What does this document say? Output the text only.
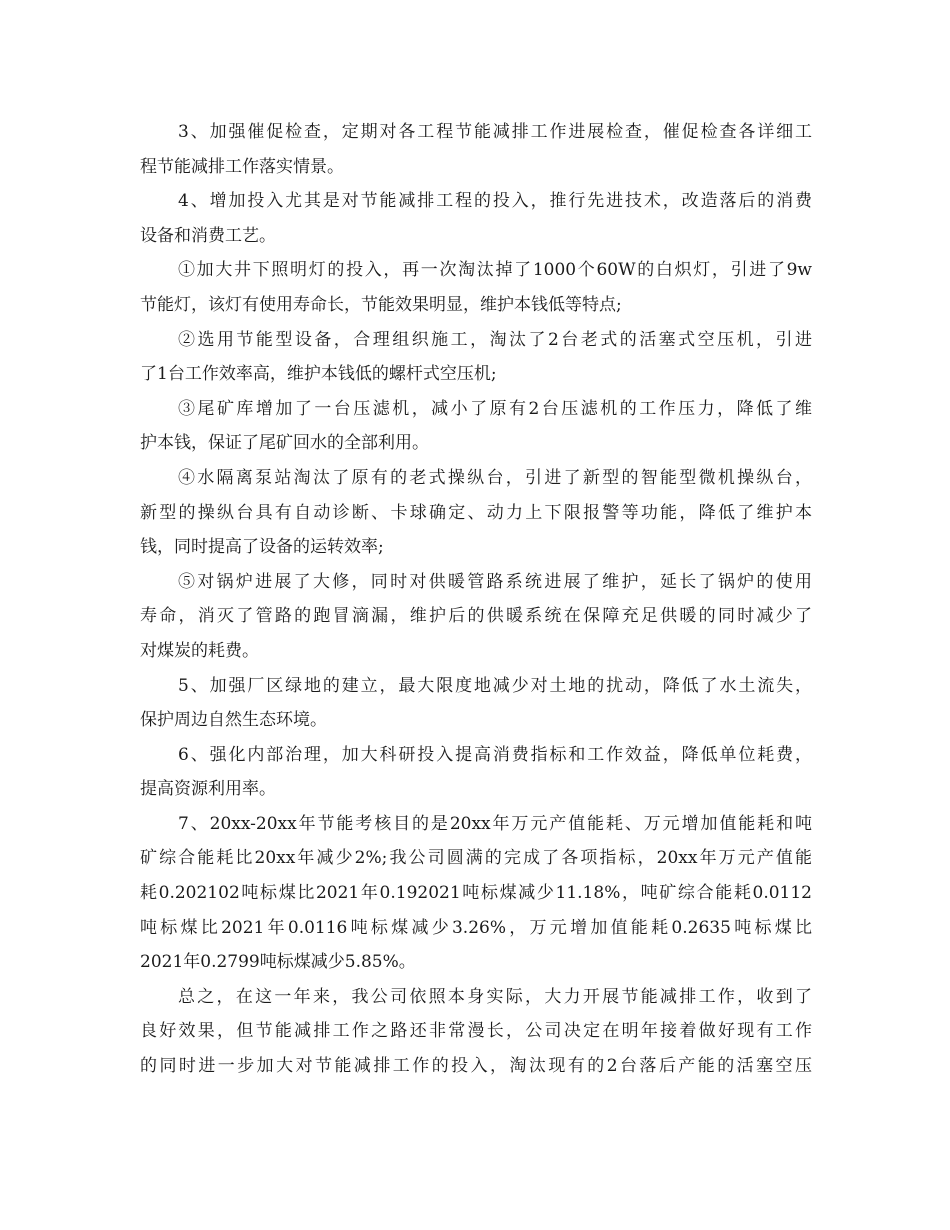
3、加强催促检查，定期对各工程节能减排工作进展检查，催促检查各详细工
程节能减排工作落实情景。
4、增加投入尤其是对节能减排工程的投入，推行先进技术，改造落后的消费
设备和消费工艺。
①加大井下照明灯的投入，再一次淘汰掉了1000个60W的白炽灯，引进了9w
节能灯，该灯有使用寿命长，节能效果明显，维护本钱低等特点;
②选用节能型设备，合理组织施工，淘汰了2台老式的活塞式空压机，引进
了1台工作效率高，维护本钱低的螺杆式空压机;
③尾矿库增加了一台压滤机，减小了原有2台压滤机的工作压力，降低了维
护本钱，保证了尾矿回水的全部利用。
④水隔离泵站淘汰了原有的老式操纵台，引进了新型的智能型微机操纵台，
新型的操纵台具有自动诊断、卡球确定、动力上下限报警等功能，降低了维护本
钱，同时提高了设备的运转效率;
⑤对锅炉进展了大修，同时对供暖管路系统进展了维护，延长了锅炉的使用
寿命，消灭了管路的跑冒滴漏，维护后的供暖系统在保障充足供暖的同时减少了
对煤炭的耗费。
5、加强厂区绿地的建立，最大限度地减少对土地的扰动，降低了水土流失，
保护周边自然生态环境。
6、强化内部治理，加大科研投入提高消费指标和工作效益，降低单位耗费，
提高资源利用率。
7、20xx-20xx年节能考核目的是20xx年万元产值能耗、万元增加值能耗和吨
矿综合能耗比20xx年减少2%;我公司圆满的完成了各项指标，20xx年万元产值能
耗0.202102吨标煤比2021年0.192021吨标煤减少11.18%，吨矿综合能耗0.0112
吨标煤比2021年0.0116吨标煤减少3.26%，万元增加值能耗0.2635吨标煤比
2021年0.2799吨标煤减少5.85%。
总之，在这一年来，我公司依照本身实际，大力开展节能减排工作，收到了
良好效果，但节能减排工作之路还非常漫长，公司决定在明年接着做好现有工作
的同时进一步加大对节能减排工作的投入，淘汰现有的2台落后产能的活塞空压
